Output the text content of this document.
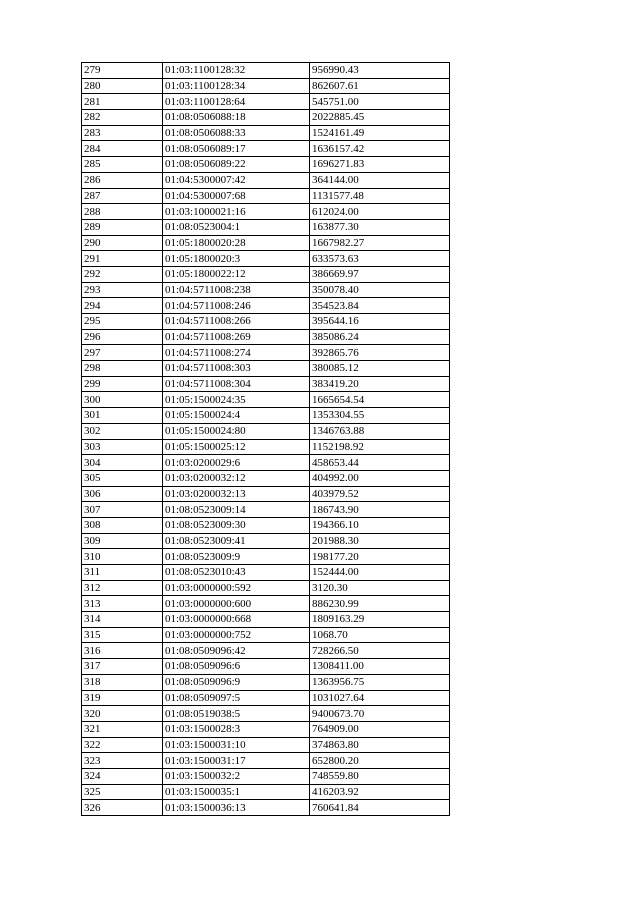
279	01:03:1100128:32	956990.43
280	01:03:1100128:34	862607.61
281	01:03:1100128:64	545751.00
282	01:08:0506088:18	2022885.45
283	01:08:0506088:33	1524161.49
284	01:08:0506089:17	1636157.42
285	01:08:0506089:22	1696271.83
286	01:04:5300007:42	364144.00
287	01:04:5300007:68	1131577.48
288	01:03:1000021:16	612024.00
289	01:08:0523004:1	163877.30
290	01:05:1800020:28	1667982.27
291	01:05:1800020:3	633573.63
292	01:05:1800022:12	386669.97
293	01:04:5711008:238	350078.40
294	01:04:5711008:246	354523.84
295	01:04:5711008:266	395644.16
296	01:04:5711008:269	385086.24
297	01:04:5711008:274	392865.76
298	01:04:5711008:303	380085.12
299	01:04:5711008:304	383419.20
300	01:05:1500024:35	1665654.54
301	01:05:1500024:4	1353304.55
302	01:05:1500024:80	1346763.88
303	01:05:1500025:12	1152198.92
304	01:03:0200029:6	458653.44
305	01:03:0200032:12	404992.00
306	01:03:0200032:13	403979.52
307	01:08:0523009:14	186743.90
308	01:08:0523009:30	194366.10
309	01:08:0523009:41	201988.30
310	01:08:0523009:9	198177.20
311	01:08:0523010:43	152444.00
312	01:03:0000000:592	3120.30
313	01:03:0000000:600	886230.99
314	01:03:0000000:668	1809163.29
315	01:03:0000000:752	1068.70
316	01:08:0509096:42	728266.50
317	01:08:0509096:6	1308411.00
318	01:08:0509096:9	1363956.75
319	01:08:0509097:5	1031027.64
320	01:08:0519038:5	9400673.70
321	01:03:1500028:3	764909.00
322	01:03:1500031:10	374863.80
323	01:03:1500031:17	652800.20
324	01:03:1500032:2	748559.80
325	01:03:1500035:1	416203.92
326	01:03:1500036:13	760641.84
